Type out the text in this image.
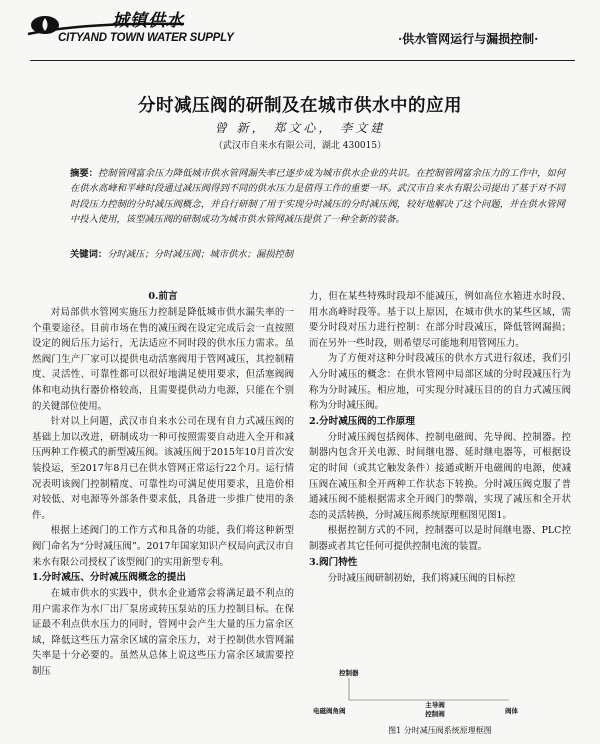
城镇供水
CITYAND TOWN WATER SUPPLY	·供水管网运行与漏损控制·
分时减压阀的研制及在城市供水中的应用
曾 新， 郑文心， 李文建
（武汉市自来水有限公司，湖北 430015）
摘要：控制管网富余压力降低城市供水管网漏失率已逐步成为城市供水企业的共识。在控制管网富余压力的工作中，如何在供水高峰和平峰时段通过减压阀得到不同的供水压力是值得工作的重要一环。武汉市自来水有限公司提出了基于对不同时段压力控制的分时减压阀概念，并自行研制了用于实现分时减压的分时减压阀，较好地解决了这个问题，并在供水管网中投入使用，该型减压阀的研制成功为城市供水管网减压提供了一种全新的装备。
关键词：分时减压；分时减压阀；城市供水；漏损控制
0.前言

对局部供水管网实施压力控制是降低城市供水漏失率的一个重要途径。目前市场在售的减压阀在设定完成后会一直按照设定的阀后压力运行，无法适应不同时段的供水压力需求。虽然阀门生产厂家可以提供电动活塞阀用于管网减压，其控制精度、灵活性、可靠性都可以很好地满足使用要求，但活塞阀阀体和电动执行器价格较高，且需要提供动力电源，只能在个别的关键部位使用。

针对以上问题，武汉市自来水公司在现有自力式减压阀的基础上加以改进，研制成功一种可按照需要自动进入全开和减压两种工作模式的新型减压阀。该减压阀于2015年10月首次安装投运，至2017年8月已在供水管网正常运行22个月。运行情况表明该阀门控制精度、可靠性均可满足使用要求，且造价相对较低、对电源等外部条件要求低，具备进一步推广使用的条件。

根据上述阀门的工作方式和具备的功能，我们将这种新型阀门命名为“分时减压阀”。2017年国家知识产权局向武汉市自来水有限公司授权了该型阀门的实用新型专利。

1.分时减压、分时减压阀概念的提出

在城市供水的实践中，供水企业通常会将满足最不利点的用户需求作为水厂出厂泵房或转压泵站的压力控制目标。在保证最不利点供水压力的同时，管网中会产生大量的压力富余区域，降低这些压力富余区域的富余压力，对于控制供水管网漏失率是十分必要的。虽然从总体上说这些压力富余区域需要控制压

力，但在某些特殊时段却不能减压，例如高位水箱进水时段、用水高峰时段等。基于以上原因，在城市供水的某些区域，需要分时段对压力进行控制：在部分时段减压，降低管网漏损；而在另外一些时段，则希望尽可能地利用管网压力。

为了方便对这种分时段减压的供水方式进行叙述，我们引入分时减压的概念：在供水管网中局部区域的分时段减压行为称为分时减压。相应地，可实现分时减压目的的自力式减压阀称为分时减压阀。

2.分时减压阀的工作原理

分时减压阀包括阀体、控制电磁阀、先导阀、控制器。控制器内包含开关电源、时间继电器、延时继电器等，可根据设定的时间（或其它触发条件）接通或断开电磁阀的电源，使减压阀在减压和全开两种工作状态下转换。分时减压阀克服了普通减压阀不能根据需求全开阀门的弊端，实现了减压和全开状态的灵活转换，分时减压阀系统原理框图见图1。

根据控制方式的不同，控制器可以是时间继电器、PLC控制器或者其它任何可提供控制电流的装置。

3.阀门特性

分时减压阀研制初始，我们将减压阀的目标控

控制器
电磁阀角阀
主导阀
控制阀	阀体
图1 分时减压阀系统原理框图
